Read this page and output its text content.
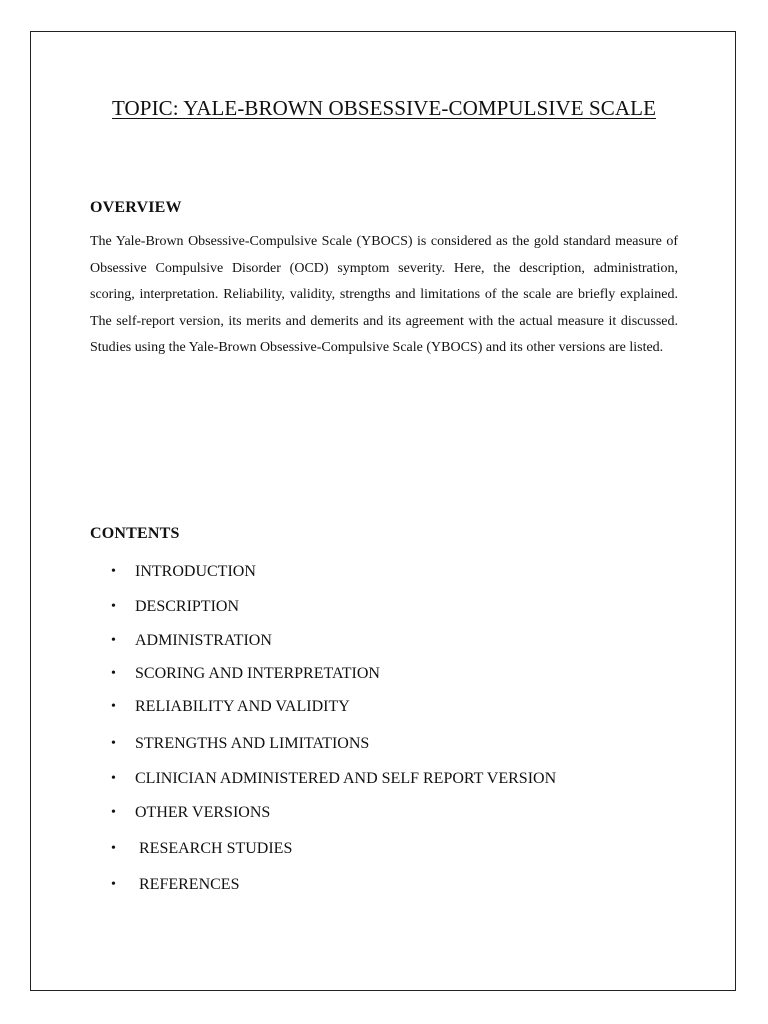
TOPIC: YALE-BROWN OBSESSIVE-COMPULSIVE SCALE
OVERVIEW
The Yale-Brown Obsessive-Compulsive Scale (YBOCS) is considered as the gold standard measure of Obsessive Compulsive Disorder (OCD) symptom severity. Here, the description, administration, scoring, interpretation. Reliability, validity, strengths and limitations of the scale are briefly explained. The self-report version, its merits and demerits and its agreement with the actual measure it discussed. Studies using the Yale-Brown Obsessive-Compulsive Scale (YBOCS) and its other versions are listed.
CONTENTS
• INTRODUCTION
• DESCRIPTION
• ADMINISTRATION
• SCORING AND INTERPRETATION
• RELIABILITY AND VALIDITY
• STRENGTHS AND LIMITATIONS
• CLINICIAN ADMINISTERED AND SELF REPORT VERSION
• OTHER VERSIONS
• RESEARCH STUDIES
• REFERENCES
